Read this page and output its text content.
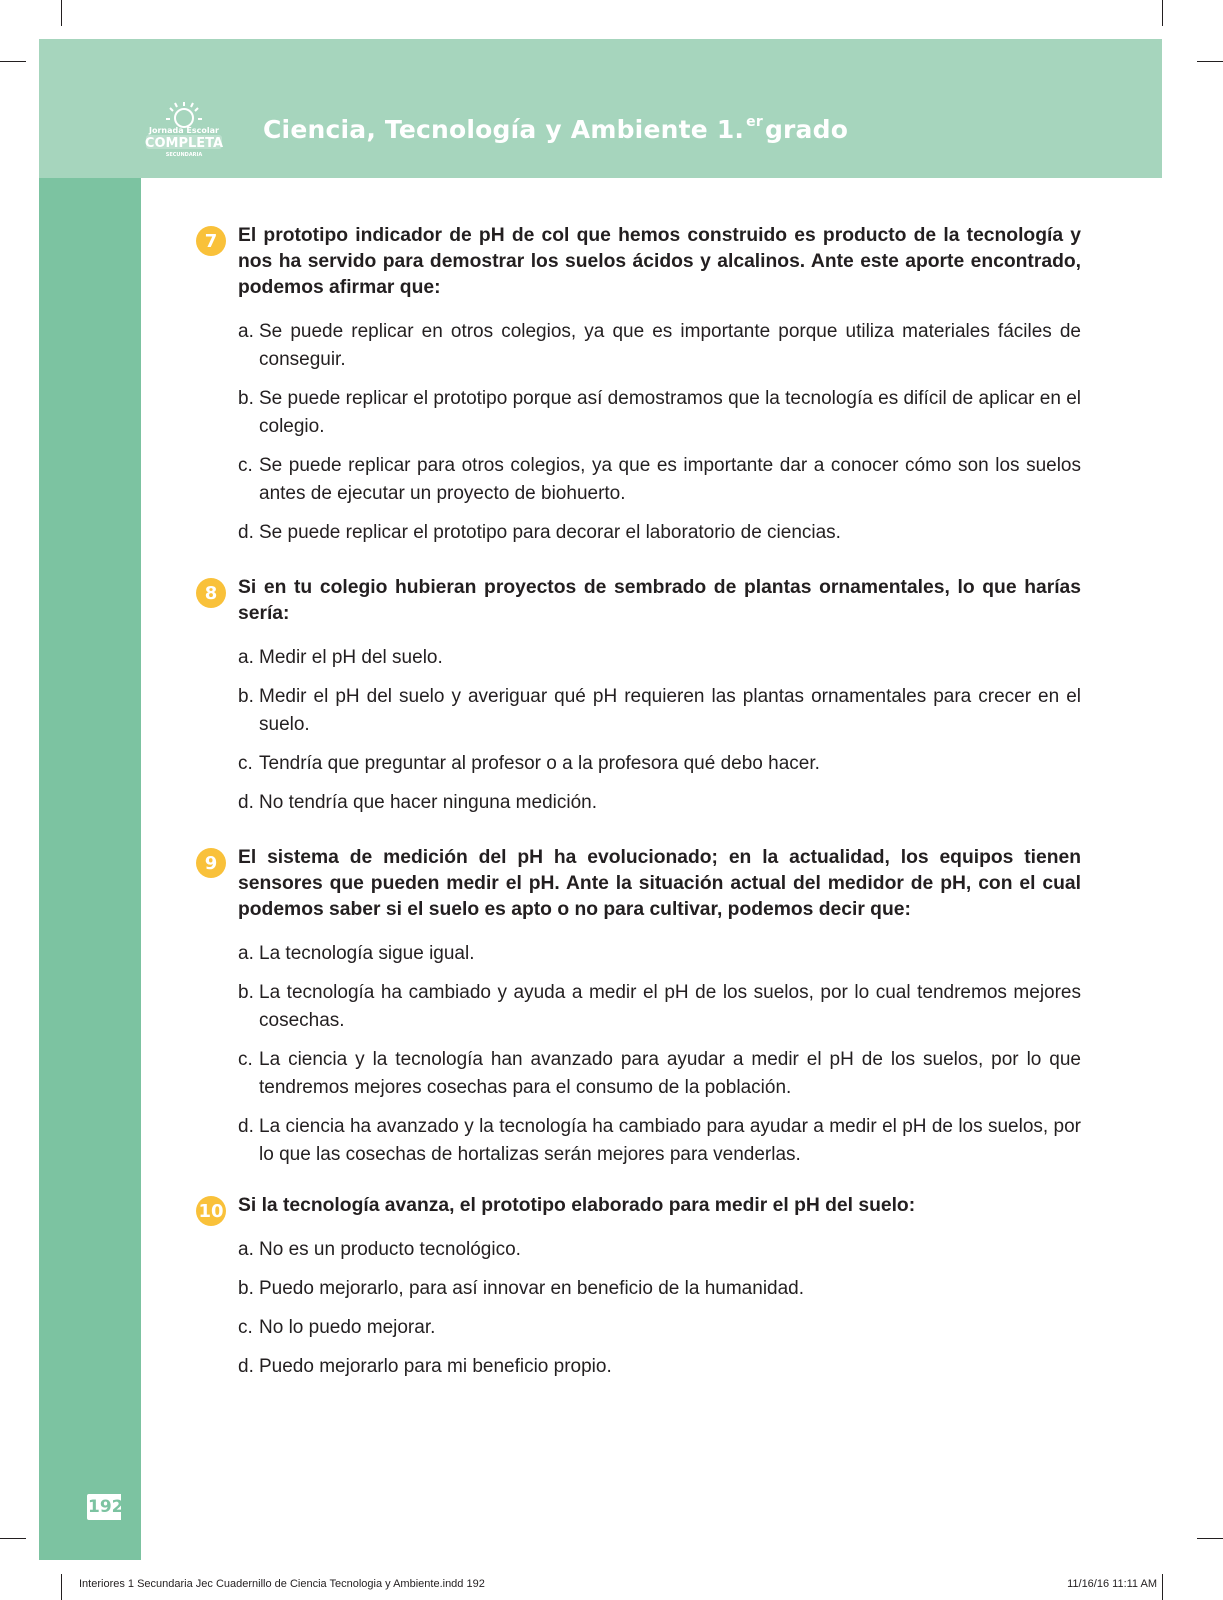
Jornada Escolar
COMPLETA
SECUNDARIA
Ciencia, Tecnología y Ambiente 1. $^{er}$grado
192
7	El prototipo indicador de pH de col que hemos construido es producto de la tecnología y nos ha servido para demostrar los suelos ácidos y alcalinos. Ante este aporte encontrado, podemos afirmar que:

a. Se puede replicar en otros colegios, ya que es importante porque utiliza materiales fáciles de conseguir.
b. Se puede replicar el prototipo porque así demostramos que la tecnología es difícil de aplicar en el colegio.
c. Se puede replicar para otros colegios, ya que es importante dar a conocer cómo son los suelos antes de ejecutar un proyecto de biohuerto.
d. Se puede replicar el prototipo para decorar el laboratorio de ciencias.
8	Si en tu colegio hubieran proyectos de sembrado de plantas ornamentales, lo que harías sería:

a. Medir el pH del suelo.
b. Medir el pH del suelo y averiguar qué pH requieren las plantas ornamentales para crecer en el suelo.
c. Tendría que preguntar al profesor o a la profesora qué debo hacer.
d. No tendría que hacer ninguna medición.
9	El sistema de medición del pH ha evolucionado; en la actualidad, los equipos tienen sensores que pueden medir el pH. Ante la situación actual del medidor de pH, con el cual podemos saber si el suelo es apto o no para cultivar, podemos decir que:

a. La tecnología sigue igual.
b. La tecnología ha cambiado y ayuda a medir el pH de los suelos, por lo cual tendremos mejores cosechas.
c. La ciencia y la tecnología han avanzado para ayudar a medir el pH de los suelos, por lo que tendremos mejores cosechas para el consumo de la población.
d. La ciencia ha avanzado y la tecnología ha cambiado para ayudar a medir el pH de los suelos, por lo que las cosechas de hortalizas serán mejores para venderlas.
10 Si la tecnología avanza, el prototipo elaborado para medir el pH del suelo:

a. No es un producto tecnológico.
b. Puedo mejorarlo, para así innovar en beneficio de la humanidad.
c. No lo puedo mejorar.
d. Puedo mejorarlo para mi beneficio propio.
Interiores 1 Secundaria Jec Cuadernillo de Ciencia Tecnologia y Ambiente.indd 192	11/16/16 11:11 AM
